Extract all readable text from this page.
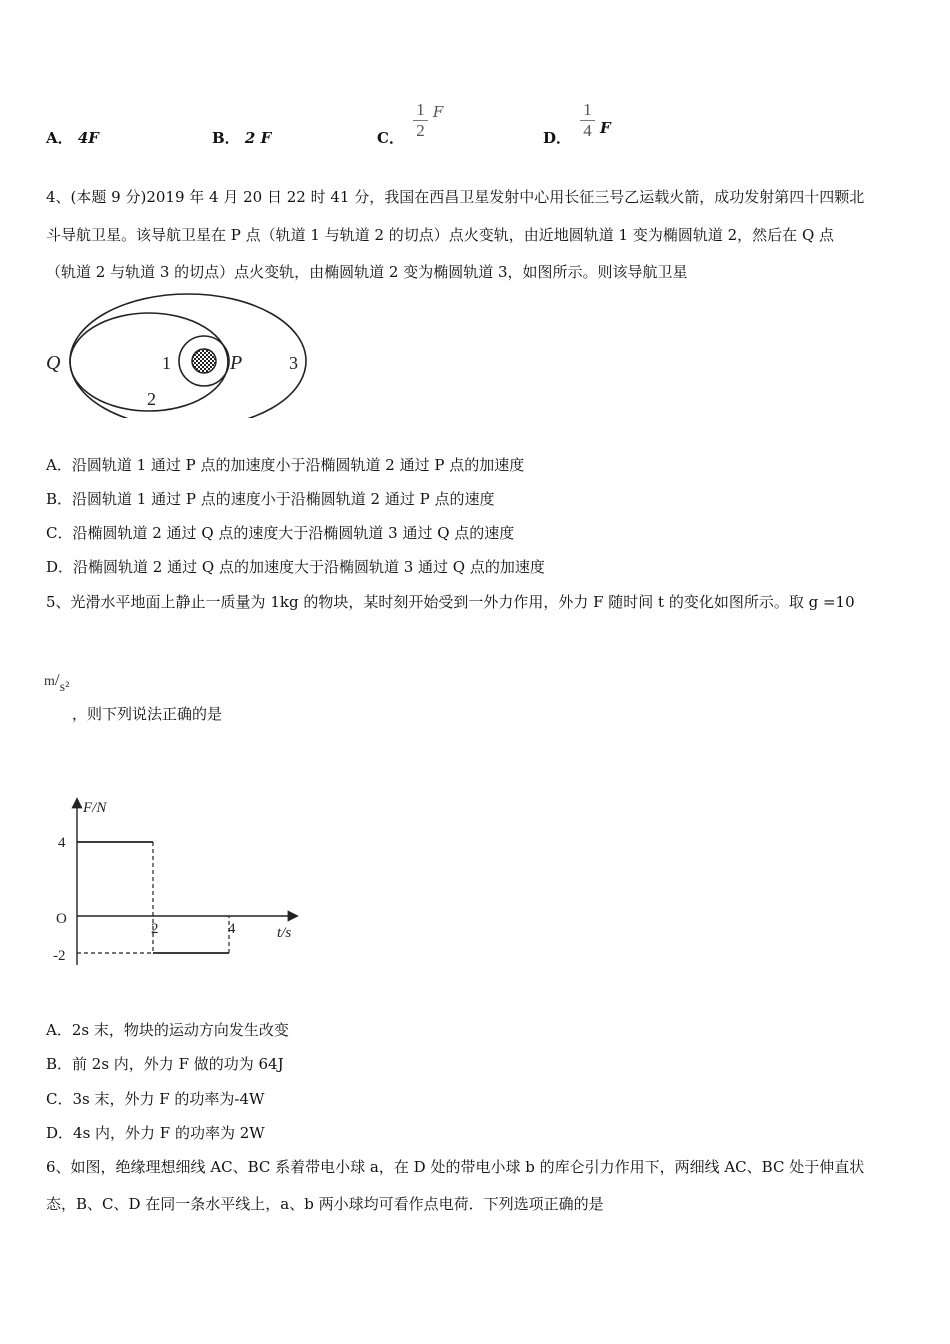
A． 4F	B． 2 F	C． $\frac{1}{2}$ F
D． $\frac{1}{4}$ F
4、(本题 9 分)2019 年 4 月 20 日 22 时 41 分，我国在西昌卫星发射中心用长征三号乙运载火箭，成功发射第四十四颗北
斗导航卫星。该导航卫星在 P 点（轨道 1 与轨道 2 的切点）点火变轨，由近地圆轨道 1 变为椭圆轨道 2，然后在 Q 点
（轨道 2 与轨道 3 的切点）点火变轨，由椭圆轨道 2 变为椭圆轨道 3，如图所示。则该导航卫星
Q	1	P	3
2
A．沿圆轨道 1 通过 P 点的加速度小于沿椭圆轨道 2 通过 P 点的加速度
B．沿圆轨道 1 通过 P 点的速度小于沿椭圆轨道 2 通过 P 点的速度
C．沿椭圆轨道 2 通过 Q 点的速度大于沿椭圆轨道 3 通过 Q 点的速度
D．沿椭圆轨道 2 通过 Q 点的加速度大于沿椭圆轨道 3 通过 Q 点的加速度
5、光滑水平地面上静止一质量为 1kg 的物块，某时刻开始受到一外力作用，外力 F 随时间 t 的变化如图所示。取 g =10
m/s²
，则下列说法正确的是
F/N
t/s
O
4
-2
2	4
A．2s 末，物块的运动方向发生改变
B．前 2s 内，外力 F 做的功为 64J
C．3s 末，外力 F 的功率为-4W
D．4s 内，外力 F 的功率为 2W
6、如图，绝缘理想细线 AC、BC 系着带电小球 a，在 D 处的带电小球 b 的库仑引力作用下，两细线 AC、BC 处于伸直状
态，B、C、D 在同一条水平线上，a、b 两小球均可看作点电荷．下列选项正确的是
